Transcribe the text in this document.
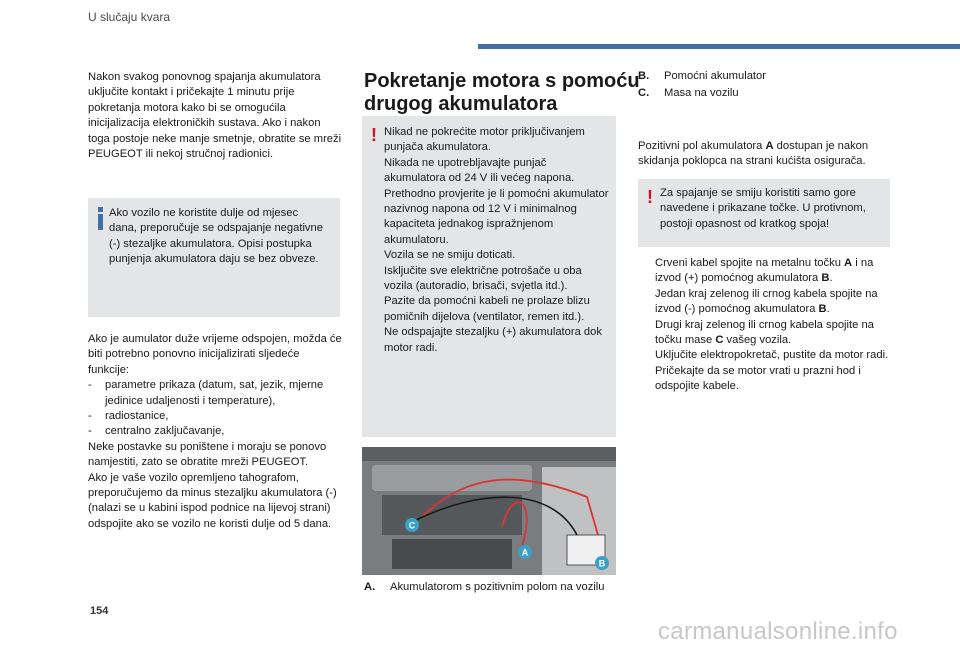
U slučaju kvara

Nakon svakog ponovnog spajanja akumulatora uključite kontakt i pričekajte 1 minutu prije pokretanja motora kako bi se omogućila inicijalizacija elektroničkih sustava. Ako i nakon toga postoje neke manje smetnje, obratite se mreži PEUGEOT ili nekoj stručnoj radionici.

Ako vozilo ne koristite dulje od mjesec dana, preporučuje se odspajanje negativne (-) stezaljke akumulatora. Opisi postupka punjenja akumulatora daju se bez obveze.

Ako je aumulator duže vrijeme odspojen, možda će biti potrebno ponovno inicijalizirati sljedeće funkcije:

- parametre prikaza (datum, sat, jezik, mjerne jedinice udaljenosti i temperature),
- radiostanice,
- centralno zaključavanje,

Neke postavke su poništene i moraju se ponovo namjestiti, zato se obratite mreži PEUGEOT.

Ako je vaše vozilo opremljeno tahografom, preporučujemo da minus stezaljku akumulatora (-) (nalazi se u kabini ispod podnice na lijevoj strani) odspojite ako se vozilo ne koristi dulje od 5 dana.

Pokretanje motora s pomoću
drugog akumulatora
! Nikad ne pokrećite motor priključivanjem punjača akumulatora.
Nikada ne upotrebljavajte punjač akumulatora od 24 V ili većeg napona.
Prethodno provjerite je li pomoćni akumulator nazivnog napona od 12 V i minimalnog kapaciteta jednakog ispražnjenom akumulatoru.
Vozila se ne smiju doticati.
Isključite sve električne potrošače u oba vozila (autoradio, brisači, svjetla itd.).
Pazite da pomoćni kabeli ne prolaze blizu pomičnih dijelova (ventilator, remen itd.).
Ne odspajajte stezaljku (+) akumulatora dok motor radi.
C
A
B
A. Akumulatorom s pozitivnim polom na vozilu
B. Pomoćni akumulator
C. Masa na vozilu

Pozitivni pol akumulatora A dostupan je nakon skidanja poklopca na strani kućišta osigurača.

! Za spajanje se smiju koristiti samo gore navedene i prikazane točke. U protivnom, postoji opasnost od kratkog spoja!
Crveni kabel spojite na metalnu točku A i na izvod (+) pomoćnog akumulatora B.
Jedan kraj zelenog ili crnog kabela spojite na izvod (-) pomoćnog akumulatora B.
Drugi kraj zelenog ili crnog kabela spojite na točku mase C vašeg vozila.
Uključite elektropokretač, pustite da motor radi.
Pričekajte da se motor vrati u prazni hod i odspojite kabele.
154
carmanualsonline.info
